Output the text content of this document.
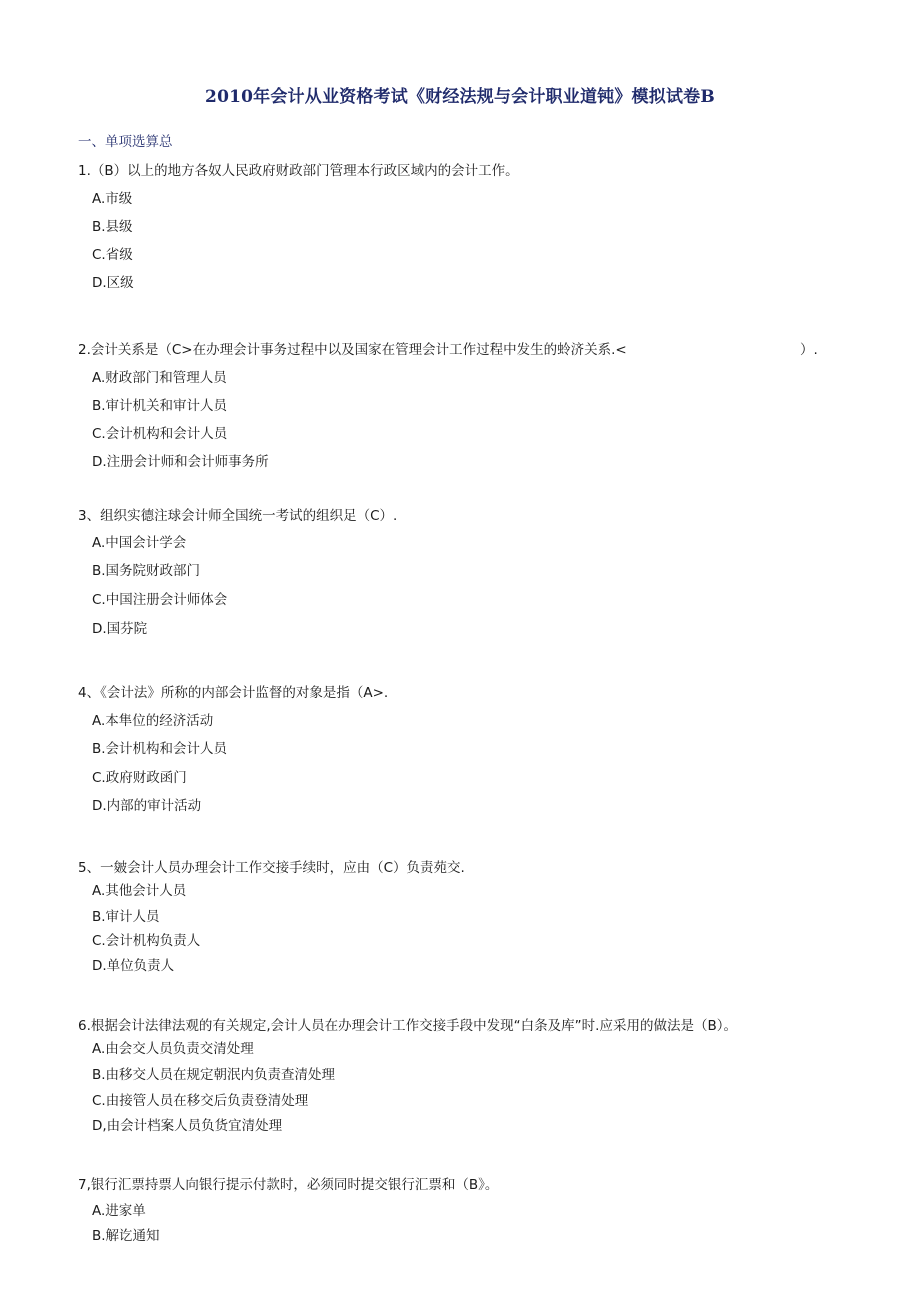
2010年会计从业资格考试《财经法规与会计职业道钝》模拟试卷B
一、单项选算总
1.（B）以上的地方各奴人民政府财政部门管理本行政区域内的会计工作。
A.市级
B.县级
C.省级
D.区级
2.会计关系是（C>在办理会计事务过程中以及国家在管理会计工作过程中发生的蛉济关系.<	）.
A.财政部门和管理人员
B.审计机关和审计人员
C.会计机构和会计人员
D.注册会计师和会计师事务所
3、组织实德注球会计师全国统一考试的组织足（C）.
A.中国会计学会
B.国务院财政部门
C.中国注册会计师体会
D.国芬院
4、《会计法》所称的内部会计监督的对象是指（A>.
A.本隼位的经济活动
B.会计机构和会计人员
C.政府财政函门
D.内部的审计活动
5、一皴会计人员办理会计工作交接手续时，应由（C）负责苑交.
A.其他会计人员
B.审计人员
C.会计机构负责人
D.单位负责人
6.根据会计法律法观的有关规定,会计人员在办理会计工作交接手段中发现“白条及库”时.应采用的做法是（B）。
A.由会交人员负责交清处理
B.由移交人员在规定朝泯内负责查清处理
C.由接管人员在移交后负责登清处理
D,由会计档案人员负货宜清处理
7,银行汇票持票人向银行提示付款时，必须同时提交银行汇票和（B》。
A.进家单
B.解讫通知
